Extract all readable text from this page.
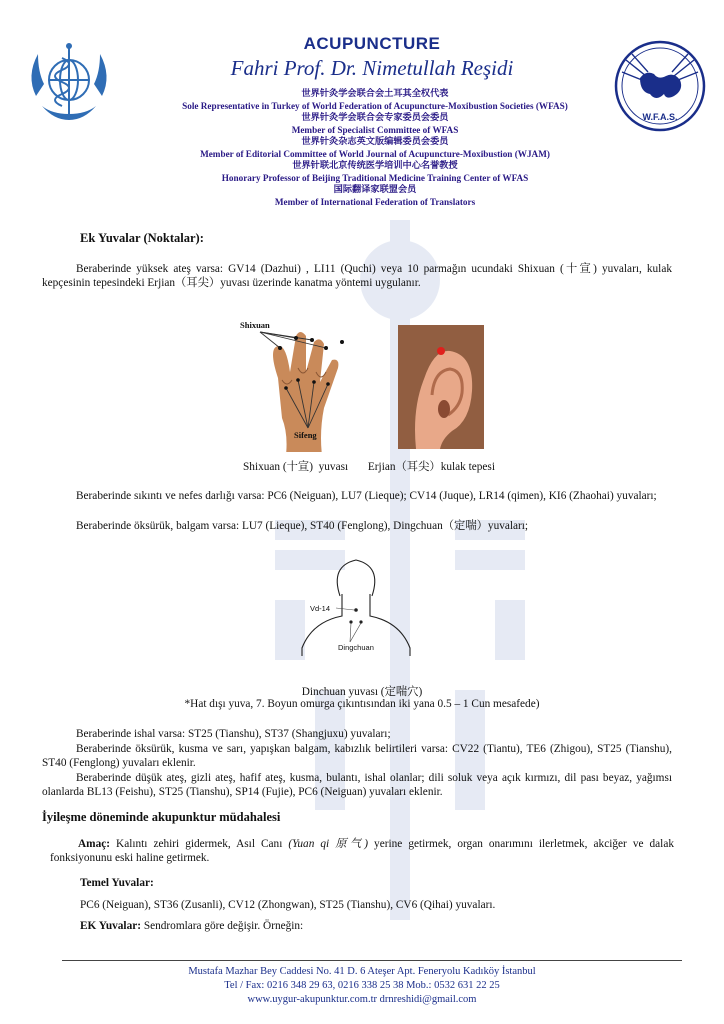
W.F.A.S.
ACUPUNCTURE
Fahri Prof. Dr. Nimetullah Reşidi
世界针灸学会联合会土耳其全权代表
Sole Representative in Turkey of World Federation of Acupuncture-Moxibustion Societies (WFAS)
世界针灸学会联合会专家委员会委员
Member of Specialist Committee of WFAS
世界针灸杂志英文版编辑委员会委员
Member of Editorial Committee of World Journal of Acupuncture-Moxibustion (WJAM)
世界针联北京传统医学培训中心名誉教授
Honorary Professor of Beijing Traditional Medicine Training Center of WFAS
国际翻译家联盟会员
Member of International Federation of Translators
Ek Yuvalar (Noktalar):
Beraberinde yüksek ateş varsa: GV14 (Dazhui) , LI11 (Quchi) veya 10 parmağın ucundaki Shixuan (十宣) yuvaları, kulak kepçesinin tepesindeki Erjian（耳尖）yuvası üzerinde kanatma yöntemi uygulanır.
Shixuan
Sifeng
Shixuan (十宣)  yuvası       Erjian（耳尖）kulak tepesi
Beraberinde sıkıntı ve nefes darlığı varsa: PC6 (Neiguan), LU7 (Lieque); CV14 (Juque), LR14 (qimen), KI6 (Zhaohai) yuvaları;
Beraberinde öksürük, balgam varsa: LU7 (Lieque), ST40 (Fenglong), Dingchuan（定喘）yuvaları;
Vd-14
Dingchuan
Dinchuan yuvası (定喘穴)
*Hat dışı yuva, 7. Boyun omurga çıkıntısından iki yana 0.5 – 1 Cun mesafede)
Beraberinde ishal varsa: ST25 (Tianshu), ST37 (Shangjuxu) yuvaları;
Beraberinde öksürük, kusma ve sarı, yapışkan balgam, kabızlık belirtileri varsa: CV22 (Tiantu), TE6 (Zhigou), ST25 (Tianshu), ST40 (Fenglong) yuvaları eklenir.
Beraberinde düşük ateş, gizli ateş, hafif ateş, kusma, bulantı, ishal olanlar; dili soluk veya açık kırmızı, dil pası beyaz, yağımsı olanlarda BL13 (Feishu), ST25 (Tianshu), SP14 (Fujie), PC6 (Neiguan) yuvaları eklenir.
İyileşme döneminde akupunktur müdahalesi
Amaç: Kalıntı zehiri gidermek, Asıl Canı (Yuan qi 原气) yerine getirmek, organ onarımını ilerletmek, akciğer ve dalak fonksiyonunu eski haline getirmek.
Temel Yuvalar:
PC6 (Neiguan), ST36 (Zusanli), CV12 (Zhongwan), ST25 (Tianshu), CV6 (Qihai) yuvaları.
EK Yuvalar: Sendromlara göre değişir. Örneğin:
Mustafa Mazhar Bey Caddesi No. 41 D. 6 Ateşer Apt. Feneryolu Kadıköy İstanbul
Tel / Fax: 0216 348 29 63, 0216 338 25 38 Mob.: 0532 631 22 25
www.uygur-akupunktur.com.tr drnreshidi@gmail.com
